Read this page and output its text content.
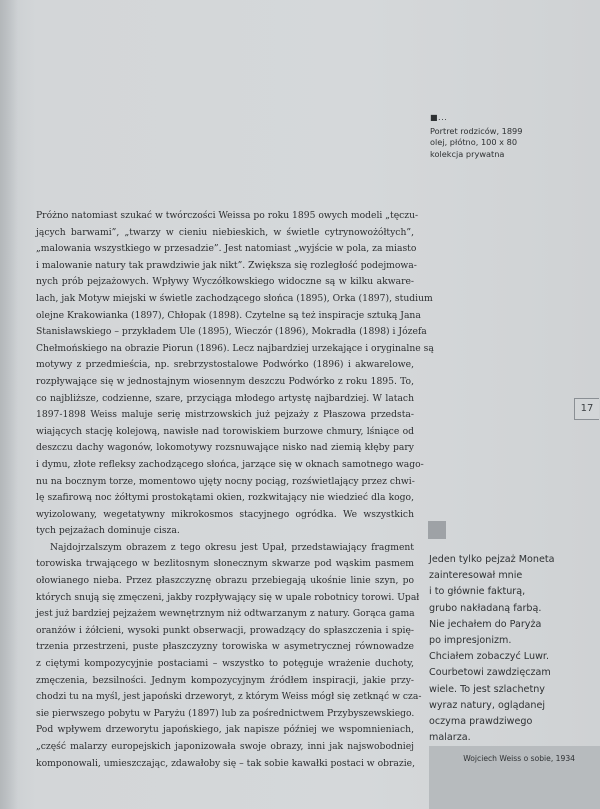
■...
Portret rodziców, 1899
olej, płótno, 100 x 80
kolekcja prywatna
Próżno natomiast szukać w twórczości Weissa po roku 1895 owych modeli „tęczu-
jących barwami”, „twarzy w cieniu niebieskich, w świetle cytrynowożółtych”,
„malowania wszystkiego w przesadzie”. Jest natomiast „wyjście w pola, za miasto
i malowanie natury tak prawdziwie jak nikt”. Zwiększa się rozległość podejmowa-
nych prób pejzażowych. Wpływy Wyczółkowskiego widoczne są w kilku akware-
lach, jak Motyw miejski w świetle zachodzącego słońca (1895), Orka (1897), studium
olejne Krakowianka (1897), Chłopak (1898). Czytelne są też inspiracje sztuką Jana
Stanisławskiego – przykładem Ule (1895), Wieczór (1896), Mokradła (1898) i Józefa
Chełmońskiego na obrazie Piorun (1896). Lecz najbardziej urzekające i oryginalne są
motywy z przedmieścia, np. srebrzystostalowe Podwórko (1896) i akwarelowe,
rozpływające się w jednostajnym wiosennym deszczu Podwórko z roku 1895. To,
co najbliższe, codzienne, szare, przyciąga młodego artystę najbardziej. W latach
1897-1898 Weiss maluje serię mistrzowskich już pejzaży z Płaszowa przedsta-
wiających stację kolejową, nawisłe nad torowiskiem burzowe chmury, lśniące od
deszczu dachy wagonów, lokomotywy rozsnuwające nisko nad ziemią kłęby pary
i dymu, złote refleksy zachodzącego słońca, jarzące się w oknach samotnego wago-
nu na bocznym torze, momentowo ujęty nocny pociąg, rozświetlający przez chwi-
lę szafirową noc żółtymi prostokątami okien, rozkwitający nie wiedzieć dla kogo,
wyizolowany, wegetatywny mikrokosmos stacyjnego ogródka. We wszystkich
tych pejzażach dominuje cisza.
Najdojrzalszym obrazem z tego okresu jest Upał, przedstawiający fragment
torowiska trwającego w bezlitosnym słonecznym skwarze pod wąskim pasmem
ołowianego nieba. Przez płaszczyznę obrazu przebiegają ukośnie linie szyn, po
których snują się zmęczeni, jakby rozpływający się w upale robotnicy torowi. Upał
jest już bardziej pejzażem wewnętrznym niż odtwarzanym z natury. Gorąca gama
oranżów i żółcieni, wysoki punkt obserwacji, prowadzący do spłaszczenia i spię-
trzenia przestrzeni, puste płaszczyzny torowiska w asymetrycznej równowadze
z ciętymi kompozycyjnie postaciami – wszystko to potęguje wrażenie duchoty,
zmęczenia, bezsilności. Jednym kompozycyjnym źródłem inspiracji, jakie przy-
chodzi tu na myśl, jest japoński drzeworyt, z którym Weiss mógł się zetknąć w cza-
sie pierwszego pobytu w Paryżu (1897) lub za pośrednictwem Przybyszewskiego.
Pod wpływem drzeworytu japońskiego, jak napisze później we wspomnieniach,
„część malarzy europejskich japonizowała swoje obrazy, inni jak najswobodniej
komponowali, umieszczając, zdawałoby się – tak sobie kawałki postaci w obrazie,
17
Jeden tylko pejzaż Moneta
zainteresował mnie
i to głównie fakturą,
grubo nakładaną farbą.
Nie jechałem do Paryża
po impresjonizm.
Chciałem zobaczyć Luwr.
Courbetowi zawdzięczam
wiele. To jest szlachetny
wyraz natury, oglądanej
oczyma prawdziwego
malarza.
Wojciech Weiss o sobie, 1934
